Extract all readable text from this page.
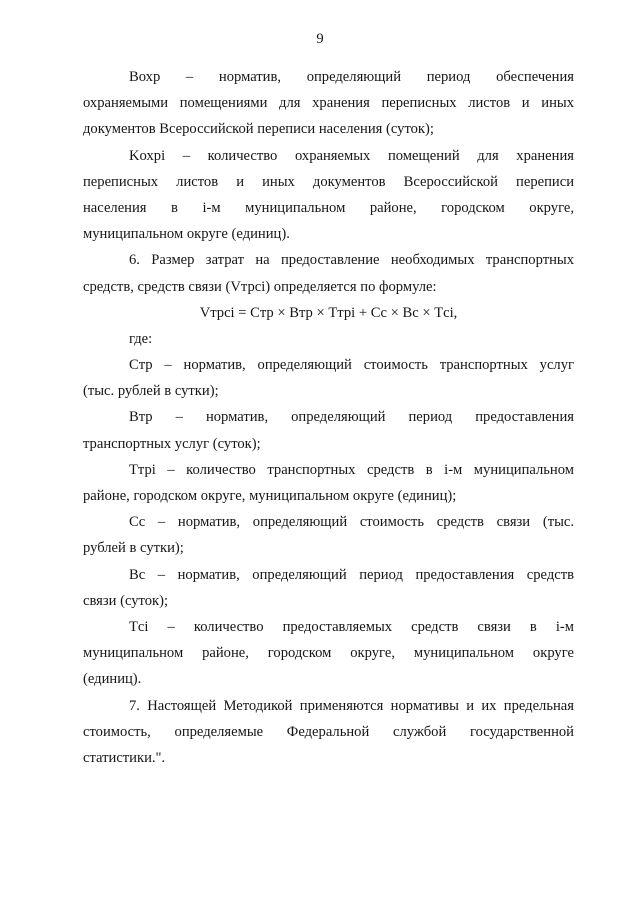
9
Вохр – норматив, определяющий период обеспечения
охраняемыми помещениями для хранения переписных листов и иных
документов Всероссийской переписи населения (суток);
Kохрi – количество охраняемых помещений для хранения
переписных листов и иных документов Всероссийской переписи
населения в i-м муниципальном районе, городском округе,
муниципальном округе (единиц).
6. Размер затрат на предоставление необходимых транспортных
средств, средств связи (Vтрсi) определяется по формуле:
Vтрсi = Cтр × Bтр × Tтрi + Cс × Bс × Tсi,
где:
Cтр – норматив, определяющий стоимость транспортных услуг
(тыс. рублей в сутки);
Bтр – норматив, определяющий период предоставления
транспортных услуг (суток);
Tтрi – количество транспортных средств в i-м муниципальном
районе, городском округе, муниципальном округе (единиц);
Cс – норматив, определяющий стоимость средств связи (тыс.
рублей в сутки);
Bс – норматив, определяющий период предоставления средств
связи (суток);
Tсi – количество предоставляемых средств связи в i-м
муниципальном районе, городском округе, муниципальном округе
(единиц).
7. Настоящей Методикой применяются нормативы и их предельная
стоимость, определяемые Федеральной службой государственной
статистики.".
